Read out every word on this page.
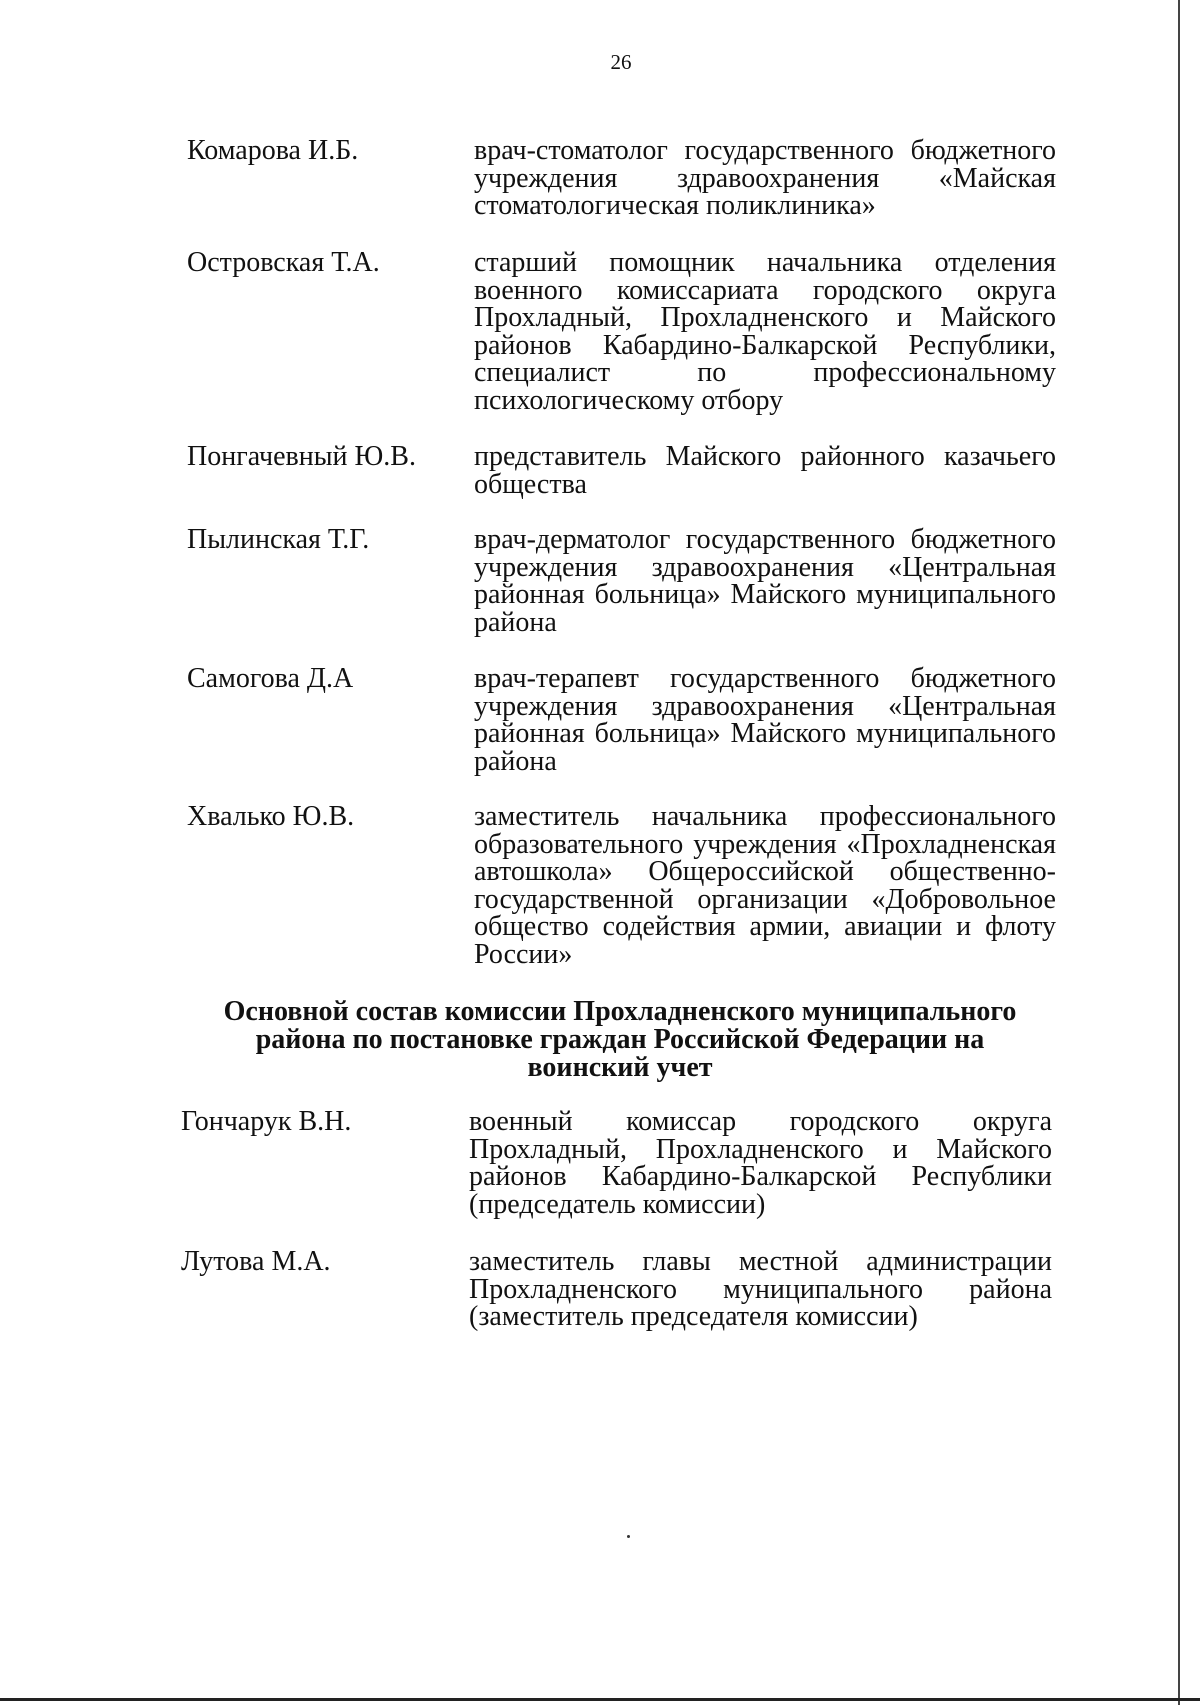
26
Комарова И.Б.	врач-стоматолог государственного бюджетного учреждения здравоохранения «Майская стоматологическая поликлиника»
Островская Т.А.	старший помощник начальника отделения военного комиссариата городского округа Прохладный, Прохладненского и Майского районов Кабардино-Балкарской Республики, специалист по профессиональному психологическому отбору
Понгачевный Ю.В. представитель Майского районного казачьего общества
Пылинская Т.Г.	врач-дерматолог государственного бюджетного учреждения здравоохранения «Центральная районная больница» Майского муниципального района
Самогова Д.А	врач-терапевт государственного бюджетного учреждения здравоохранения «Центральная районная больница» Майского муниципального района
Хвалько Ю.В.	заместитель начальника профессионального образовательного учреждения «Прохладненская автошкола» Общероссийской общественно-государственной организации «Добровольное общество содействия армии, авиации и флоту России»
Основной состав комиссии Прохладненского муниципального
района по постановке граждан Российской Федерации на
воинский учет
Гончарук В.Н.	военный комиссар городского округа Прохладный, Прохладненского и Майского районов Кабардино-Балкарской Республики (председатель комиссии)
Лутова М.А.	заместитель главы местной администрации Прохладненского муниципального района (заместитель председателя комиссии)
